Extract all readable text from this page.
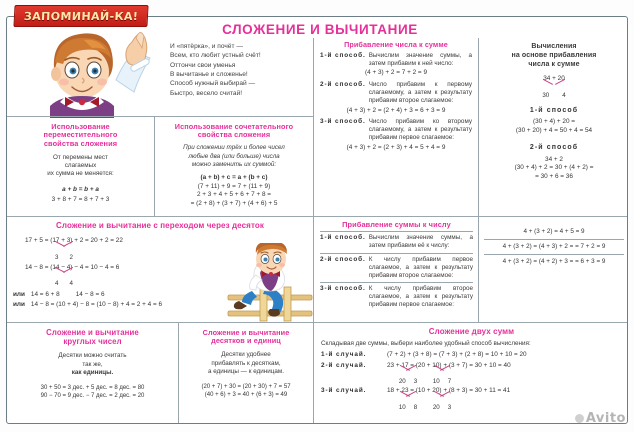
ЗАПОМИНАЙ-КА!
СЛОЖЕНИЕ И ВЫЧИТАНИЕ
И «пятёрка», и почёт —
Всем, кто любит устный счёт!
Оттончи свои уменья
В вычитанье и сложенье!
Способ нужный выбирай —
Быстро, весело считай!
Прибавление числа к сумме
1-й способ. Вычислим значение суммы, а затем прибавим к ней число:
(4 + 3) + 2 = 7 + 2 = 9
2-й способ. Число прибавим к первому слагаемому, а затем к результату прибавим второе слагаемое:
(4 + 3) + 2 = (2 + 4) + 3 = 6 + 3 = 9
3-й способ. Число прибавим ко второму слагаемому, а затем к результату прибавим первое слагаемое:
(4 + 3) + 2 = (2 + 3) + 4 = 5 + 4 = 9
Вычисления
на основе прибавления
числа к сумме
34 + 20
30 4
1-й способ
(30 + 4) + 20 =
(30 + 20) + 4 = 50 + 4 = 54
2-й способ
34 + 2
(30 + 4) + 2 = 30 + (4 + 2) =
= 30 + 6 = 36
Использование
переместительного
свойства сложения
От перемены мест
слагаемых
их сумма не меняется:
a + b = b + a
3 + 8 + 7 = 8 + 7 + 3
Использование сочетательного
свойства сложения
При сложении трёх и более чисел
любые два (или больше) числа
можно заменить их суммой:
(a + b) + c = a + (b + c)
(7 + 11) + 9 = 7 + (11 + 9)
2 + 3 + 4 + 5 + 6 + 7 + 8 =
= (2 + 8) + (3 + 7) + (4 + 6) + 5
Сложение и вычитание с переходом через десяток
17 + 5 = (17 + 3) + 2 = 20 + 2 = 22
3 2
14 − 8 = (14 − 4) − 4 = 10 − 4 = 6
4 4
или 14 = 6 + 8	14 − 8 = 6
или 14 − 8 = (10 + 4) − 8 = (10 − 8) + 4 = 2 + 4 = 6
Прибавление суммы к числу
1-й способ. Вычислим значение суммы, а затем прибавим её к числу:
2-й способ. К числу прибавим первое слагаемое, а затем к результату прибавим второе слагаемое:
3-й способ. К числу прибавим второе слагаемое, а затем к результату прибавим первое слагаемое:
4 + (3 + 2) = 4 + 5 = 9
4 + (3 + 2) = (4 + 3) + 2 = = 7 + 2 = 9
4 + (3 + 2) = (4 + 2) + 3 = = 6 + 3 = 9
Сложение и вычитание
круглых чисел
Десятки можно считать
так же,
как единицы.
30 + 50 = 3 дес. + 5 дес. = 8 дес. = 80
90 − 70 = 9 дес. − 7 дес. = 2 дес. = 20
Сложение и вычитание
десятков и единиц
Десятки удобнее
прибавлять к десяткам,
а единицы — к единицам.
(20 + 7) + 30 = (20 + 30) + 7 = 57
(40 + 6) + 3 = 40 + (6 + 3) = 49
Сложение двух сумм
Складывая две суммы, выбери наиболее удобный способ вычисления:
1-й случай.	(7 + 2) + (3 + 8) = (7 + 3) + (2 + 8) = 10 + 10 = 20
2-й случай.	23 + 17 = (20 + 10) + (3 + 7) = 30 + 10 = 40
20 3	10 7
3-й случай.	18 + 23 = (10 + 20) + (8 + 3) = 30 + 11 = 41
10 8	20 3
Avito
